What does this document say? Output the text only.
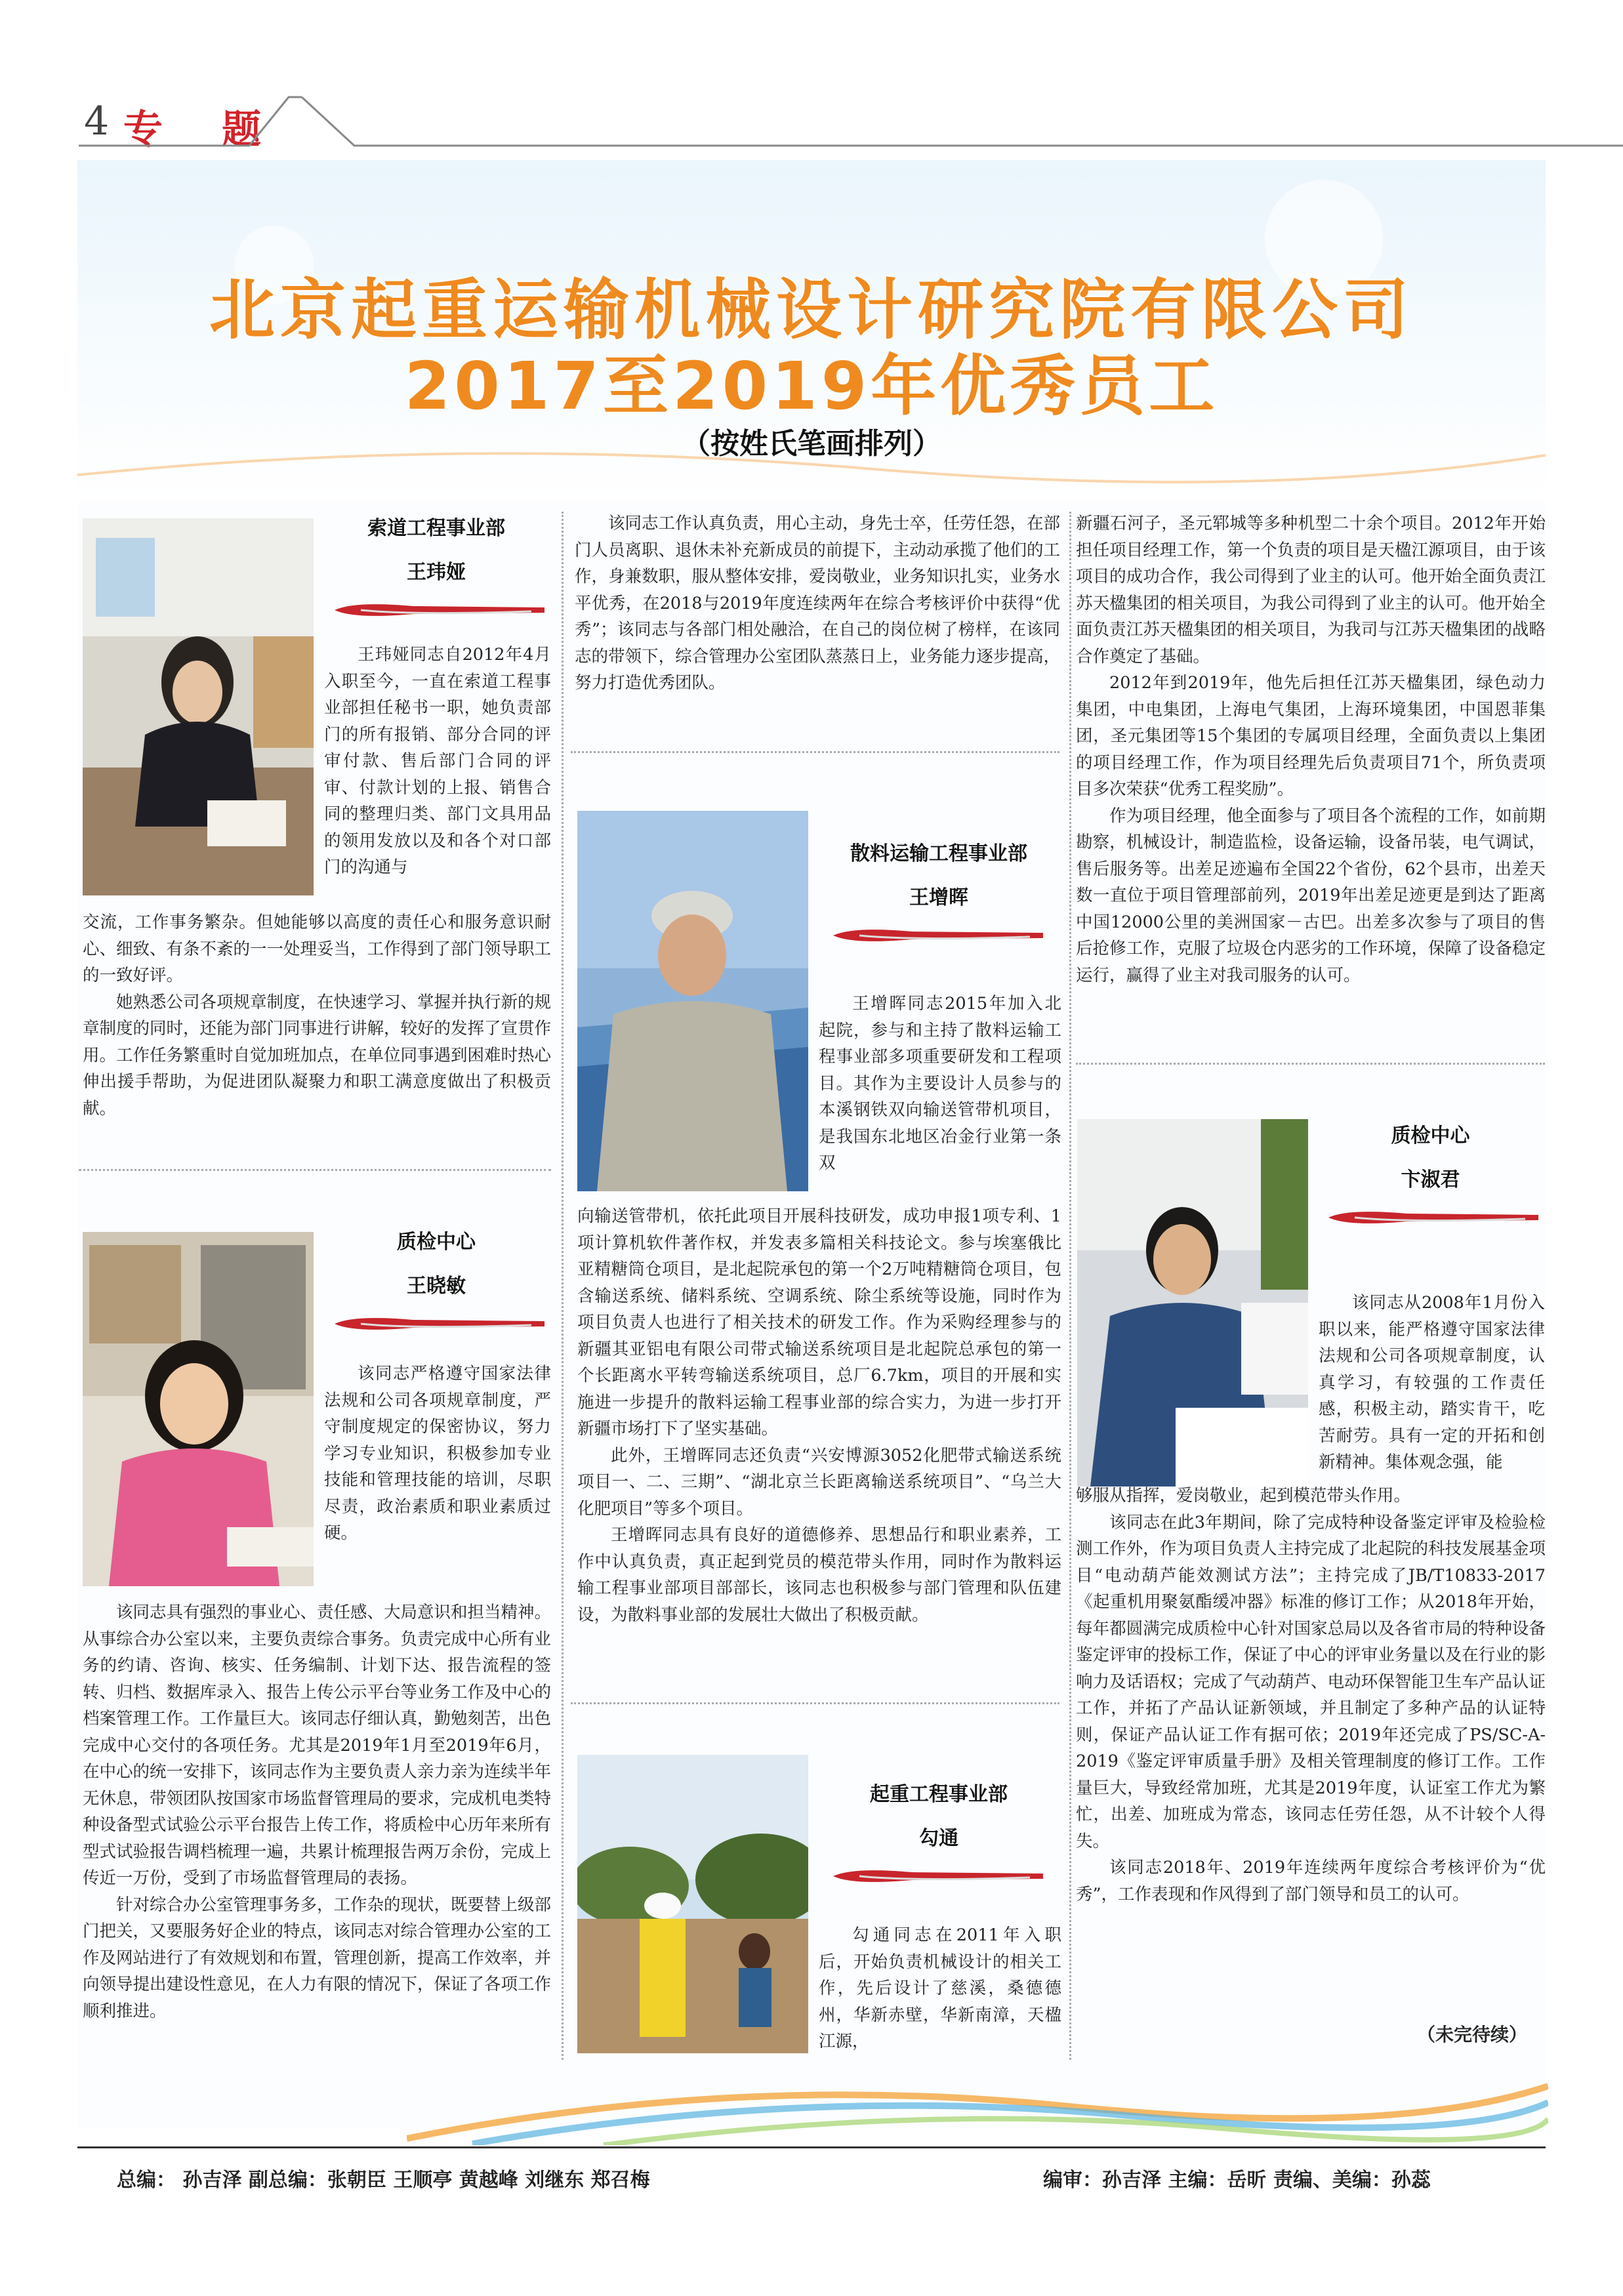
4 专题
北京起重运输机械设计研究院有限公司
2017至2019年优秀员工
（按姓氏笔画排列）
索道工程事业部
王玮娅

王玮娅同志自2012年4月入职至今，一直在索道工程事业部担任秘书一职，她负责部门的所有报销、部分合同的评审付款、售后部门合同的评审、付款计划的上报、销售合同的整理归类、部门文具用品的领用发放以及和各个对口部门的沟通与

交流，工作事务繁杂。但她能够以高度的责任心和服务意识耐心、细致、有条不紊的一一处理妥当，工作得到了部门领导职工的一致好评。

她熟悉公司各项规章制度，在快速学习、掌握并执行新的规章制度的同时，还能为部门同事进行讲解，较好的发挥了宣贯作用。工作任务繁重时自觉加班加点，在单位同事遇到困难时热心伸出援手帮助，为促进团队凝聚力和职工满意度做出了积极贡献。

该同志工作认真负责，用心主动，身先士卒，任劳任怨，在部门人员离职、退休未补充新成员的前提下，主动动承揽了他们的工作，身兼数职，服从整体安排，爱岗敬业，业务知识扎实，业务水平优秀，在2018与2019年度连续两年在综合考核评价中获得“优秀”；该同志与各部门相处融洽，在自己的岗位树了榜样，在该同志的带领下，综合管理办公室团队蒸蒸日上，业务能力逐步提高，努力打造优秀团队。

质检中心
王晓敏

该同志严格遵守国家法律法规和公司各项规章制度，严守制度规定的保密协议，努力学习专业知识，积极参加专业技能和管理技能的培训，尽职尽责，政治素质和职业素质过硬。

该同志具有强烈的事业心、责任感、大局意识和担当精神。从事综合办公室以来，主要负责综合事务。负责完成中心所有业务的约请、咨询、核实、任务编制、计划下达、报告流程的签转、归档、数据库录入、报告上传公示平台等业务工作及中心的档案管理工作。工作量巨大。该同志仔细认真，勤勉刻苦，出色完成中心交付的各项任务。尤其是2019年1月至2019年6月，在中心的统一安排下，该同志作为主要负责人亲力亲为连续半年无休息，带领团队按国家市场监督管理局的要求，完成机电类特种设备型式试验公示平台报告上传工作，将质检中心历年来所有型式试验报告调档梳理一遍，共累计梳理报告两万余份，完成上传近一万份，受到了市场监督管理局的表扬。

针对综合办公室管理事务多，工作杂的现状，既要替上级部门把关，又要服务好企业的特点，该同志对综合管理办公室的工作及网站进行了有效规划和布置，管理创新，提高工作效率，并向领导提出建设性意见，在人力有限的情况下，保证了各项工作顺利推进。

散料运输工程事业部
王增晖

王增晖同志2015年加入北起院，参与和主持了散料运输工程事业部多项重要研发和工程项目。其作为主要设计人员参与的本溪钢铁双向输送管带机项目，是我国东北地区冶金行业第一条双

向输送管带机，依托此项目开展科技研发，成功申报1项专利、1项计算机软件著作权，并发表多篇相关科技论文。参与埃塞俄比亚精糖筒仓项目，是北起院承包的第一个2万吨精糖筒仓项目，包含输送系统、储料系统、空调系统、除尘系统等设施，同时作为项目负责人也进行了相关技术的研发工作。作为采购经理参与的新疆其亚铝电有限公司带式输送系统项目是北起院总承包的第一个长距离水平转弯输送系统项目，总厂6.7km，项目的开展和实施进一步提升的散料运输工程事业部的综合实力，为进一步打开新疆市场打下了坚实基础。

此外，王增晖同志还负责“兴安博源3052化肥带式输送系统项目一、二、三期”、“湖北京兰长距离输送系统项目”、“乌兰大化肥项目”等多个项目。

王增晖同志具有良好的道德修养、思想品行和职业素养，工作中认真负责，真正起到党员的模范带头作用，同时作为散料运输工程事业部项目部部长，该同志也积极参与部门管理和队伍建设，为散料事业部的发展壮大做出了积极贡献。

起重工程事业部
勾通

勾通同志在2011年入职后，开始负责机械设计的相关工作，先后设计了慈溪，桑德德州，华新赤壁，华新南漳，天楹江源，

新疆石河子，圣元郓城等多种机型二十余个项目。2012年开始担任项目经理工作，第一个负责的项目是天楹江源项目，由于该项目的成功合作，我公司得到了业主的认可。他开始全面负责江苏天楹集团的相关项目，为我公司得到了业主的认可。他开始全面负责江苏天楹集团的相关项目，为我司与江苏天楹集团的战略合作奠定了基础。

2012年到2019年，他先后担任江苏天楹集团，绿色动力集团，中电集团，上海电气集团，上海环境集团，中国恩菲集团，圣元集团等15个集团的专属项目经理，全面负责以上集团的项目经理工作，作为项目经理先后负责项目71个，所负责项目多次荣获“优秀工程奖励”。

作为项目经理，他全面参与了项目各个流程的工作，如前期勘察，机械设计，制造监检，设备运输，设备吊装，电气调试，售后服务等。出差足迹遍布全国22个省份，62个县市，出差天数一直位于项目管理部前列，2019年出差足迹更是到达了距离中国12000公里的美洲国家－古巴。出差多次参与了项目的售后抢修工作，克服了垃圾仓内恶劣的工作环境，保障了设备稳定运行，赢得了业主对我司服务的认可。

质检中心
卞淑君

该同志从2008年1月份入职以来，能严格遵守国家法律法规和公司各项规章制度，认真学习，有较强的工作责任感，积极主动，踏实肯干，吃苦耐劳。具有一定的开拓和创新精神。集体观念强，能

够服从指挥，爱岗敬业，起到模范带头作用。

该同志在此3年期间，除了完成特种设备鉴定评审及检验检测工作外，作为项目负责人主持完成了北起院的科技发展基金项目“电动葫芦能效测试方法”；主持完成了JB/T10833-2017《起重机用聚氨酯缓冲器》标准的修订工作；从2018年开始，每年都圆满完成质检中心针对国家总局以及各省市局的特种设备鉴定评审的投标工作，保证了中心的评审业务量以及在行业的影响力及话语权；完成了气动葫芦、电动环保智能卫生车产品认证工作，并拓了产品认证新领域，并且制定了多种产品的认证特则，保证产品认证工作有据可依；2019年还完成了PS/SC-A-2019《鉴定评审质量手册》及相关管理制度的修订工作。工作量巨大，导致经常加班，尤其是2019年度，认证室工作尤为繁忙，出差、加班成为常态，该同志任劳任怨，从不计较个人得失。

该同志2018年、2019年连续两年度综合考核评价为“优秀”，工作表现和作风得到了部门领导和员工的认可。

（未完待续）
总编： 孙吉泽 副总编：张朝臣 王顺亭 黄越峰 刘继东 郑召梅	编审：孙吉泽 主编：岳昕 责编、美编：孙蕊
